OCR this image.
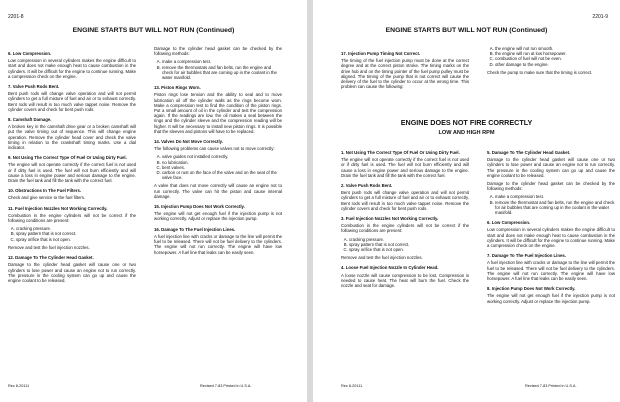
2201-8
ENGINE STARTS BUT WILL NOT RUN (Continued)
6. Low Compression.

Low compression in several cylinders makes the engine difficult to start and does not make enough heat to cause combustion in the cylinders. It will be difficult for the engine to continue running. Make a compression check on the engine.

7. Valve Push Rods Bent.

Bent push rods will change valve operation and will not permit cylinders to get a full mixture of fuel and air or to exhaust correctly. Bent rods will result in too much valve tappet noise. Remove the cylinder covers and check for bent push rods.

8. Camshaft Damage.

A broken key in the camshaft drive gear or a broken camshaft will put the valve timing out of sequence. This will change engine operation. Remove the cylinder head cover and check the valve timing in relation to the crankshaft timing marks. Use a dial indicator.

9. Not Using The Correct Type Of Fuel Or Using Dirty Fuel.

The engine will not operate correctly if the correct fuel is not used or if dirty fuel is used. The fuel will not burn efficiently and will cause a loss in engine power and serious damage to the engine. Drain the fuel tank and fill the tank with the correct fuel.

10. Obstructions In The Fuel Filters.

Check and give service to the fuel filters.

11. Fuel Injection Nozzles Not Working Correctly.

Combustion in the engine cylinders will not be correct if the following conditions are present:

A. cracking pressure.
B. spray pattern that is not correct.
C. spray orifice that is not open.

Remove and test the fuel injection nozzles.

12. Damage To The Cylinder Head Gasket.

Damage to the cylinder head gasket will cause one or two cylinders to lose power and cause an engine not to run correctly. The pressure in the cooling system can go up and cause the engine coolant to be released.

Damage to the cylinder head gasket can be checked by the following methods:

A. make a compression test.
B. remove the thermostats and fan belts, run the engine and check for air bubbles that are coming up in the coolant in the water manifold.
13. Piston Rings Worn.

Piston rings lose tension and the ability to seal and to move lubrication oil off the cylinder walls as the rings become worn. Make a compression test to find the condition of the piston rings. Put a small amount of oil in the cylinder and test the compression again. If the readings are low, the oil makes a seal between the rings and the cylinder sleeve and the compression reading will be higher. It will be necessary to install new piston rings. It is possible that the sleeves and pistons will have to be replaced.

14. Valves Do Not Move Correctly.

The following problems can cause valves not to move correctly:

A. valve guides not installed correctly.
B. no lubrication.
C. bent valves.
D. carbon or rust on the face of the valve and on the seat of the valve face.

A valve that does not move correctly will cause an engine not to run correctly. The valve can hit the piston and cause internal damage.

15. Injection Pump Does Not Work Correctly.

The engine will not get enough fuel if the injection pump is not working correctly. Adjust or replace the injection pump.

16. Damage To The Fuel Injection Lines.

A fuel injection line with cracks or damage to the line will permit the fuel to be released. There will not be fuel delivery to the cylinders. The engine will not run correctly. The engine will have low horsepower. A fuel line that leaks can be easily seen.

Rec 8-20111	Revised 7-83 Printed in U.S.A.
2201-9
ENGINE STARTS BUT WILL NOT RUN (Continued)
17. Injection Pump Timing Not Correct.

The timing of the fuel injection pump must be done at the correct degree and at the correct piston stroke. The timing marks on the drive hub and on the timing pointer of the fuel pump pulley must be aligned. The timing of the pump that is not correct will cause the delivery of the fuel to the cylinder to occur at the wrong time. This problem can cause the following:

A. the engine will not run smooth.
B. the engine will run at low horsepower.
C. combustion of fuel will not be even.
D. other damage to the engine.

Check the pump to make sure that the timing is correct.

ENGINE DOES NOT FIRE CORRECTLY
LOW AND HIGH RPM
1. Not Using The Correct Type Of Fuel Or Using Dirty Fuel.

The engine will not operate correctly if the correct fuel is not used or if dirty fuel is used. The fuel will not burn efficiently and will cause a loss in engine power and serious damage to the engine. Drain the fuel tank and fill the tank with the correct fuel.

2. Valve Push Rods Bent.

Bent push rods will change valve operation and will not permit cylinders to get a full mixture of fuel and air or to exhaust correctly. Bent rods will result in too much valve tappet noise. Remove the cylinder covers and check for bent push rods.

3. Fuel Injection Nozzles Not Working Correctly.

Combustion in the engine cylinders will not be correct if the following conditions are present:

A. cracking pressure.
B. spray pattern that is not correct.
C. spray orifice that is not open.

Remove and test the fuel injection nozzles.

4. Loose Fuel Injection Nozzle In Cylinder Head.

A loose nozzle will cause compression to be lost. Compression is needed to cause heat. The heat will burn the fuel. Check the nozzle and seat for damage.

5. Damage To The Cylinder Head Gasket.

Damage to the cylinder head gasket will cause one or two cylinders to lose power and cause an engine not to run correctly. The pressure in the cooling system can go up and cause the engine coolant to be released.

Damage to the cylinder head gasket can be checked by the following methods:

A. make a compression test.
B. remove the thermostat and fan belts, run the engine and check for air bubbles that are coming up in the coolant in the water manifold.
6. Low Compression.

Low compression in several cylinders makes the engine difficult to start and does not make enough heat to cause combustion in the cylinders. It will be difficult for the engine to continue running. Make a compression check on the engine.

7. Damage To The Fuel Injection Lines.

A fuel injection line with cracks or damage to the line will permit the fuel to be released. There will not be fuel delivery to the cylinders. The engine will not run correctly. The engine will have low horsepower. A fuel line that leaks can be easily seen.

8. Injection Pump Does Not Work Correctly.

The engine will not get enough fuel if the injection pump is not working correctly. Adjust or replace the injection pump.

Rec 8-20111	Revised 7-83 Printed in U.S.A.
